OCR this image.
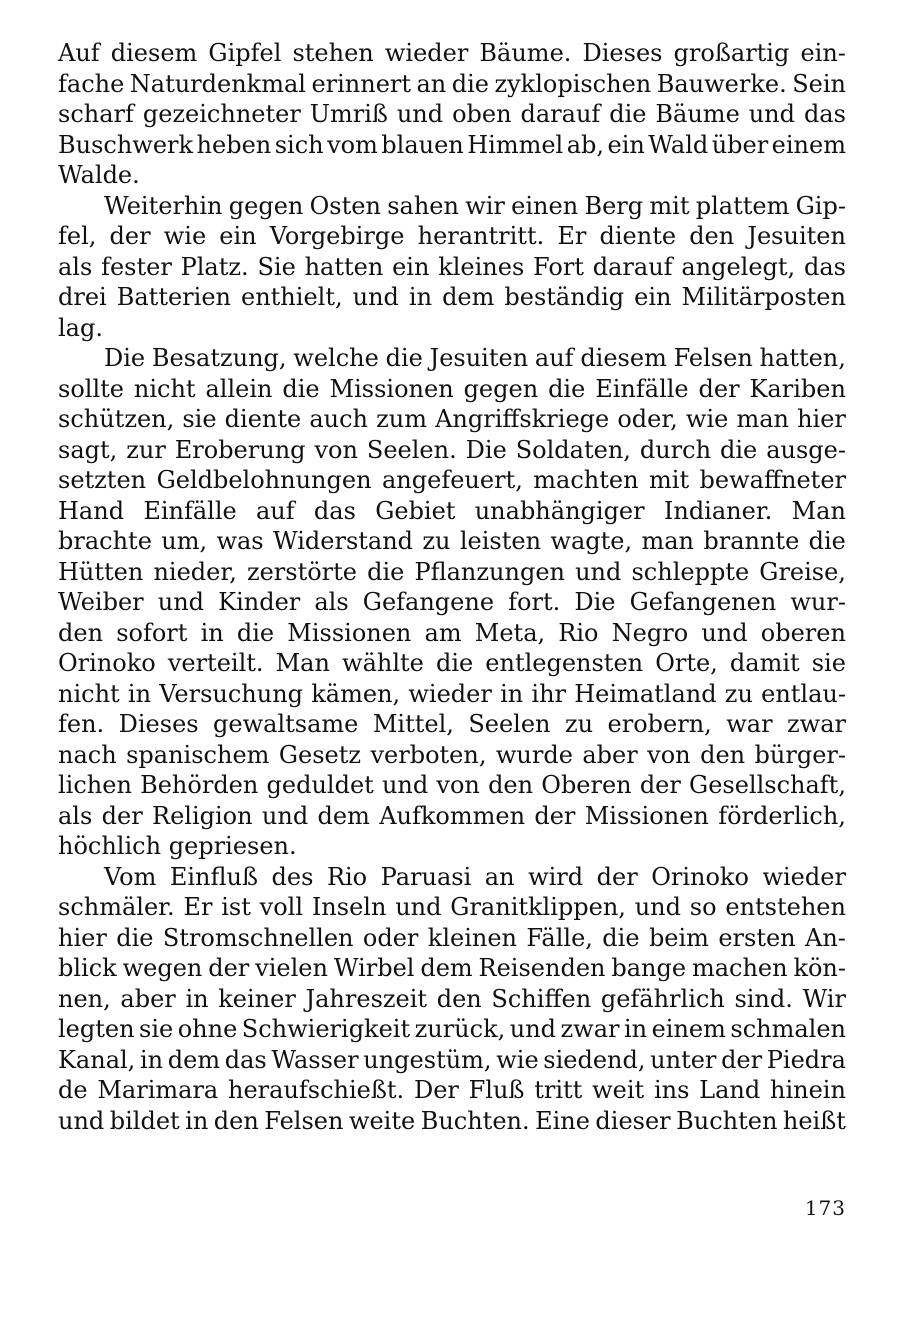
Auf diesem Gipfel stehen wieder Bäume. Dieses großartig ein-
fache Naturdenkmal erinnert an die zyklopischen Bauwerke. Sein
scharf gezeichneter Umriß und oben darauf die Bäume und das
Buschwerk heben sich vom blauen Himmel ab, ein Wald über einem
Walde.
Weiterhin gegen Osten sahen wir einen Berg mit plattem Gip-
fel, der wie ein Vorgebirge herantritt. Er diente den Jesuiten
als fester Platz. Sie hatten ein kleines Fort darauf angelegt, das
drei Batterien enthielt, und in dem beständig ein Militärposten
lag.
Die Besatzung, welche die Jesuiten auf diesem Felsen hatten,
sollte nicht allein die Missionen gegen die Einfälle der Kariben
schützen, sie diente auch zum Angriffskriege oder, wie man hier
sagt, zur Eroberung von Seelen. Die Soldaten, durch die ausge-
setzten Geldbelohnungen angefeuert, machten mit bewaffneter
Hand Einfälle auf das Gebiet unabhängiger Indianer. Man
brachte um, was Widerstand zu leisten wagte, man brannte die
Hütten nieder, zerstörte die Pflanzungen und schleppte Greise,
Weiber und Kinder als Gefangene fort. Die Gefangenen wur-
den sofort in die Missionen am Meta, Rio Negro und oberen
Orinoko verteilt. Man wählte die entlegensten Orte, damit sie
nicht in Versuchung kämen, wieder in ihr Heimatland zu entlau-
fen. Dieses gewaltsame Mittel, Seelen zu erobern, war zwar
nach spanischem Gesetz verboten, wurde aber von den bürger-
lichen Behörden geduldet und von den Oberen der Gesellschaft,
als der Religion und dem Aufkommen der Missionen förderlich,
höchlich gepriesen.
Vom Einfluß des Rio Paruasi an wird der Orinoko wieder
schmäler. Er ist voll Inseln und Granitklippen, und so entstehen
hier die Stromschnellen oder kleinen Fälle, die beim ersten An-
blick wegen der vielen Wirbel dem Reisenden bange machen kön-
nen, aber in keiner Jahreszeit den Schiffen gefährlich sind. Wir
legten sie ohne Schwierigkeit zurück, und zwar in einem schmalen
Kanal, in dem das Wasser ungestüm, wie siedend, unter der Piedra
de Marimara heraufschießt. Der Fluß tritt weit ins Land hinein
und bildet in den Felsen weite Buchten. Eine dieser Buchten heißt
173
